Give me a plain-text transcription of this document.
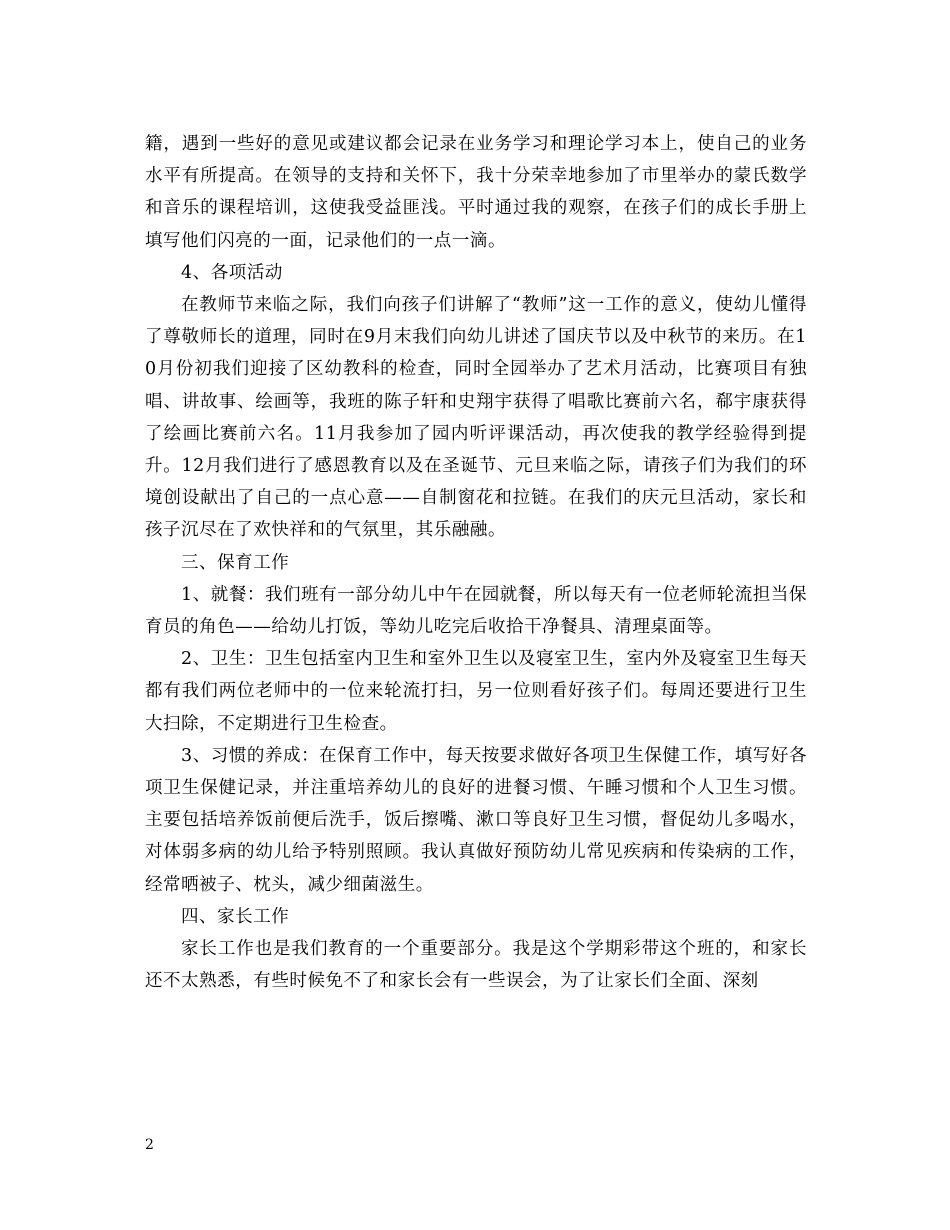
籍，遇到一些好的意见或建议都会记录在业务学习和理论学习本上，使自己的业务水平有所提高。在领导的支持和关怀下，我十分荣幸地参加了市里举办的蒙氏数学和音乐的课程培训，这使我受益匪浅。平时通过我的观察，在孩子们的成长手册上填写他们闪亮的一面，记录他们的一点一滴。

4、各项活动

在教师节来临之际，我们向孩子们讲解了“教师”这一工作的意义，使幼儿懂得了尊敬师长的道理，同时在9月末我们向幼儿讲述了国庆节以及中秋节的来历。在10月份初我们迎接了区幼教科的检查，同时全园举办了艺术月活动，比赛项目有独唱、讲故事、绘画等，我班的陈子轩和史翔宇获得了唱歌比赛前六名，郗宇康获得了绘画比赛前六名。11月我参加了园内听评课活动，再次使我的教学经验得到提升。12月我们进行了感恩教育以及在圣诞节、元旦来临之际，请孩子们为我们的环境创设献出了自己的一点心意——自制窗花和拉链。在我们的庆元旦活动，家长和孩子沉尽在了欢快祥和的气氛里，其乐融融。

三、保育工作

1、就餐：我们班有一部分幼儿中午在园就餐，所以每天有一位老师轮流担当保育员的角色——给幼儿打饭，等幼儿吃完后收拾干净餐具、清理桌面等。

2、卫生：卫生包括室内卫生和室外卫生以及寝室卫生，室内外及寝室卫生每天都有我们两位老师中的一位来轮流打扫，另一位则看好孩子们。每周还要进行卫生大扫除，不定期进行卫生检查。

3、习惯的养成：在保育工作中，每天按要求做好各项卫生保健工作，填写好各项卫生保健记录，并注重培养幼儿的良好的进餐习惯、午睡习惯和个人卫生习惯。主要包括培养饭前便后洗手，饭后擦嘴、漱口等良好卫生习惯，督促幼儿多喝水，对体弱多病的幼儿给予特别照顾。我认真做好预防幼儿常见疾病和传染病的工作，经常晒被子、枕头，减少细菌滋生。

四、家长工作

家长工作也是我们教育的一个重要部分。我是这个学期彩带这个班的，和家长还不太熟悉，有些时候免不了和家长会有一些误会，为了让家长们全面、深刻

2
